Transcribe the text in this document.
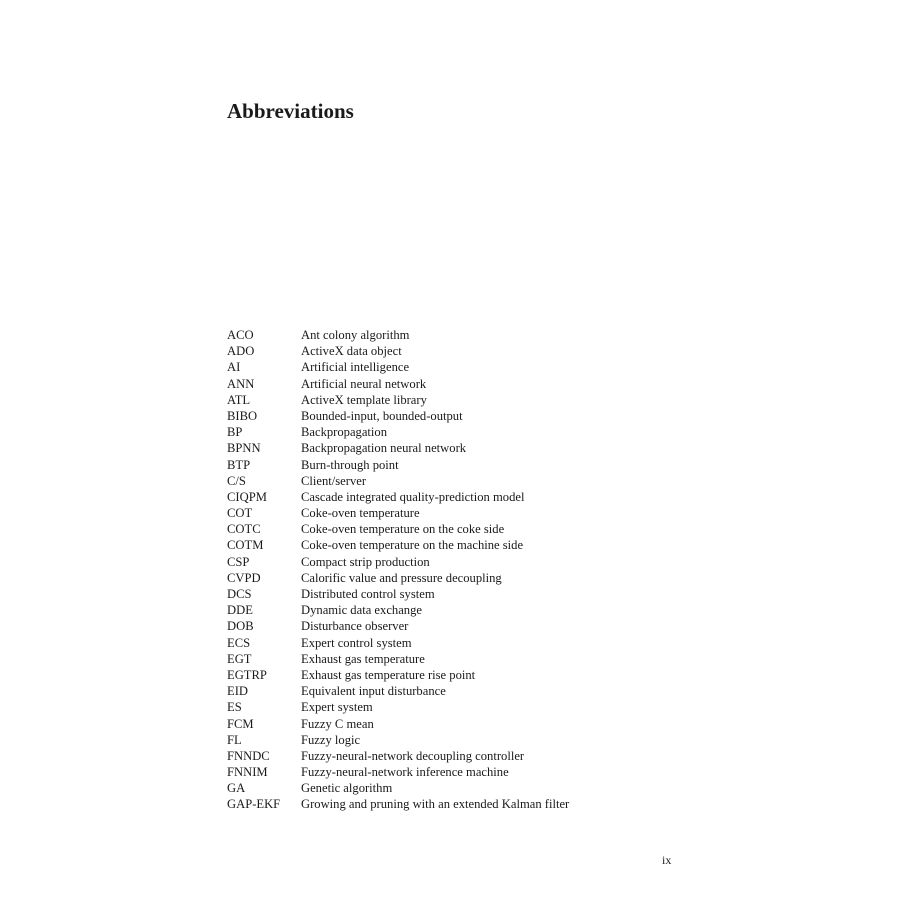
Abbreviations
ACO	Ant colony algorithm
ADO	ActiveX data object
AI	Artificial intelligence
ANN	Artificial neural network
ATL	ActiveX template library
BIBO	Bounded-input, bounded-output
BP	Backpropagation
BPNN	Backpropagation neural network
BTP	Burn-through point
C/S	Client/server
CIQPM	Cascade integrated quality-prediction model
COT	Coke-oven temperature
COTC	Coke-oven temperature on the coke side
COTM	Coke-oven temperature on the machine side
CSP	Compact strip production
CVPD	Calorific value and pressure decoupling
DCS	Distributed control system
DDE	Dynamic data exchange
DOB	Disturbance observer
ECS	Expert control system
EGT	Exhaust gas temperature
EGTRP	Exhaust gas temperature rise point
EID	Equivalent input disturbance
ES	Expert system
FCM	Fuzzy C mean
FL	Fuzzy logic
FNNDC	Fuzzy-neural-network decoupling controller
FNNIM	Fuzzy-neural-network inference machine
GA	Genetic algorithm
GAP-EKF	Growing and pruning with an extended Kalman filter
ix
